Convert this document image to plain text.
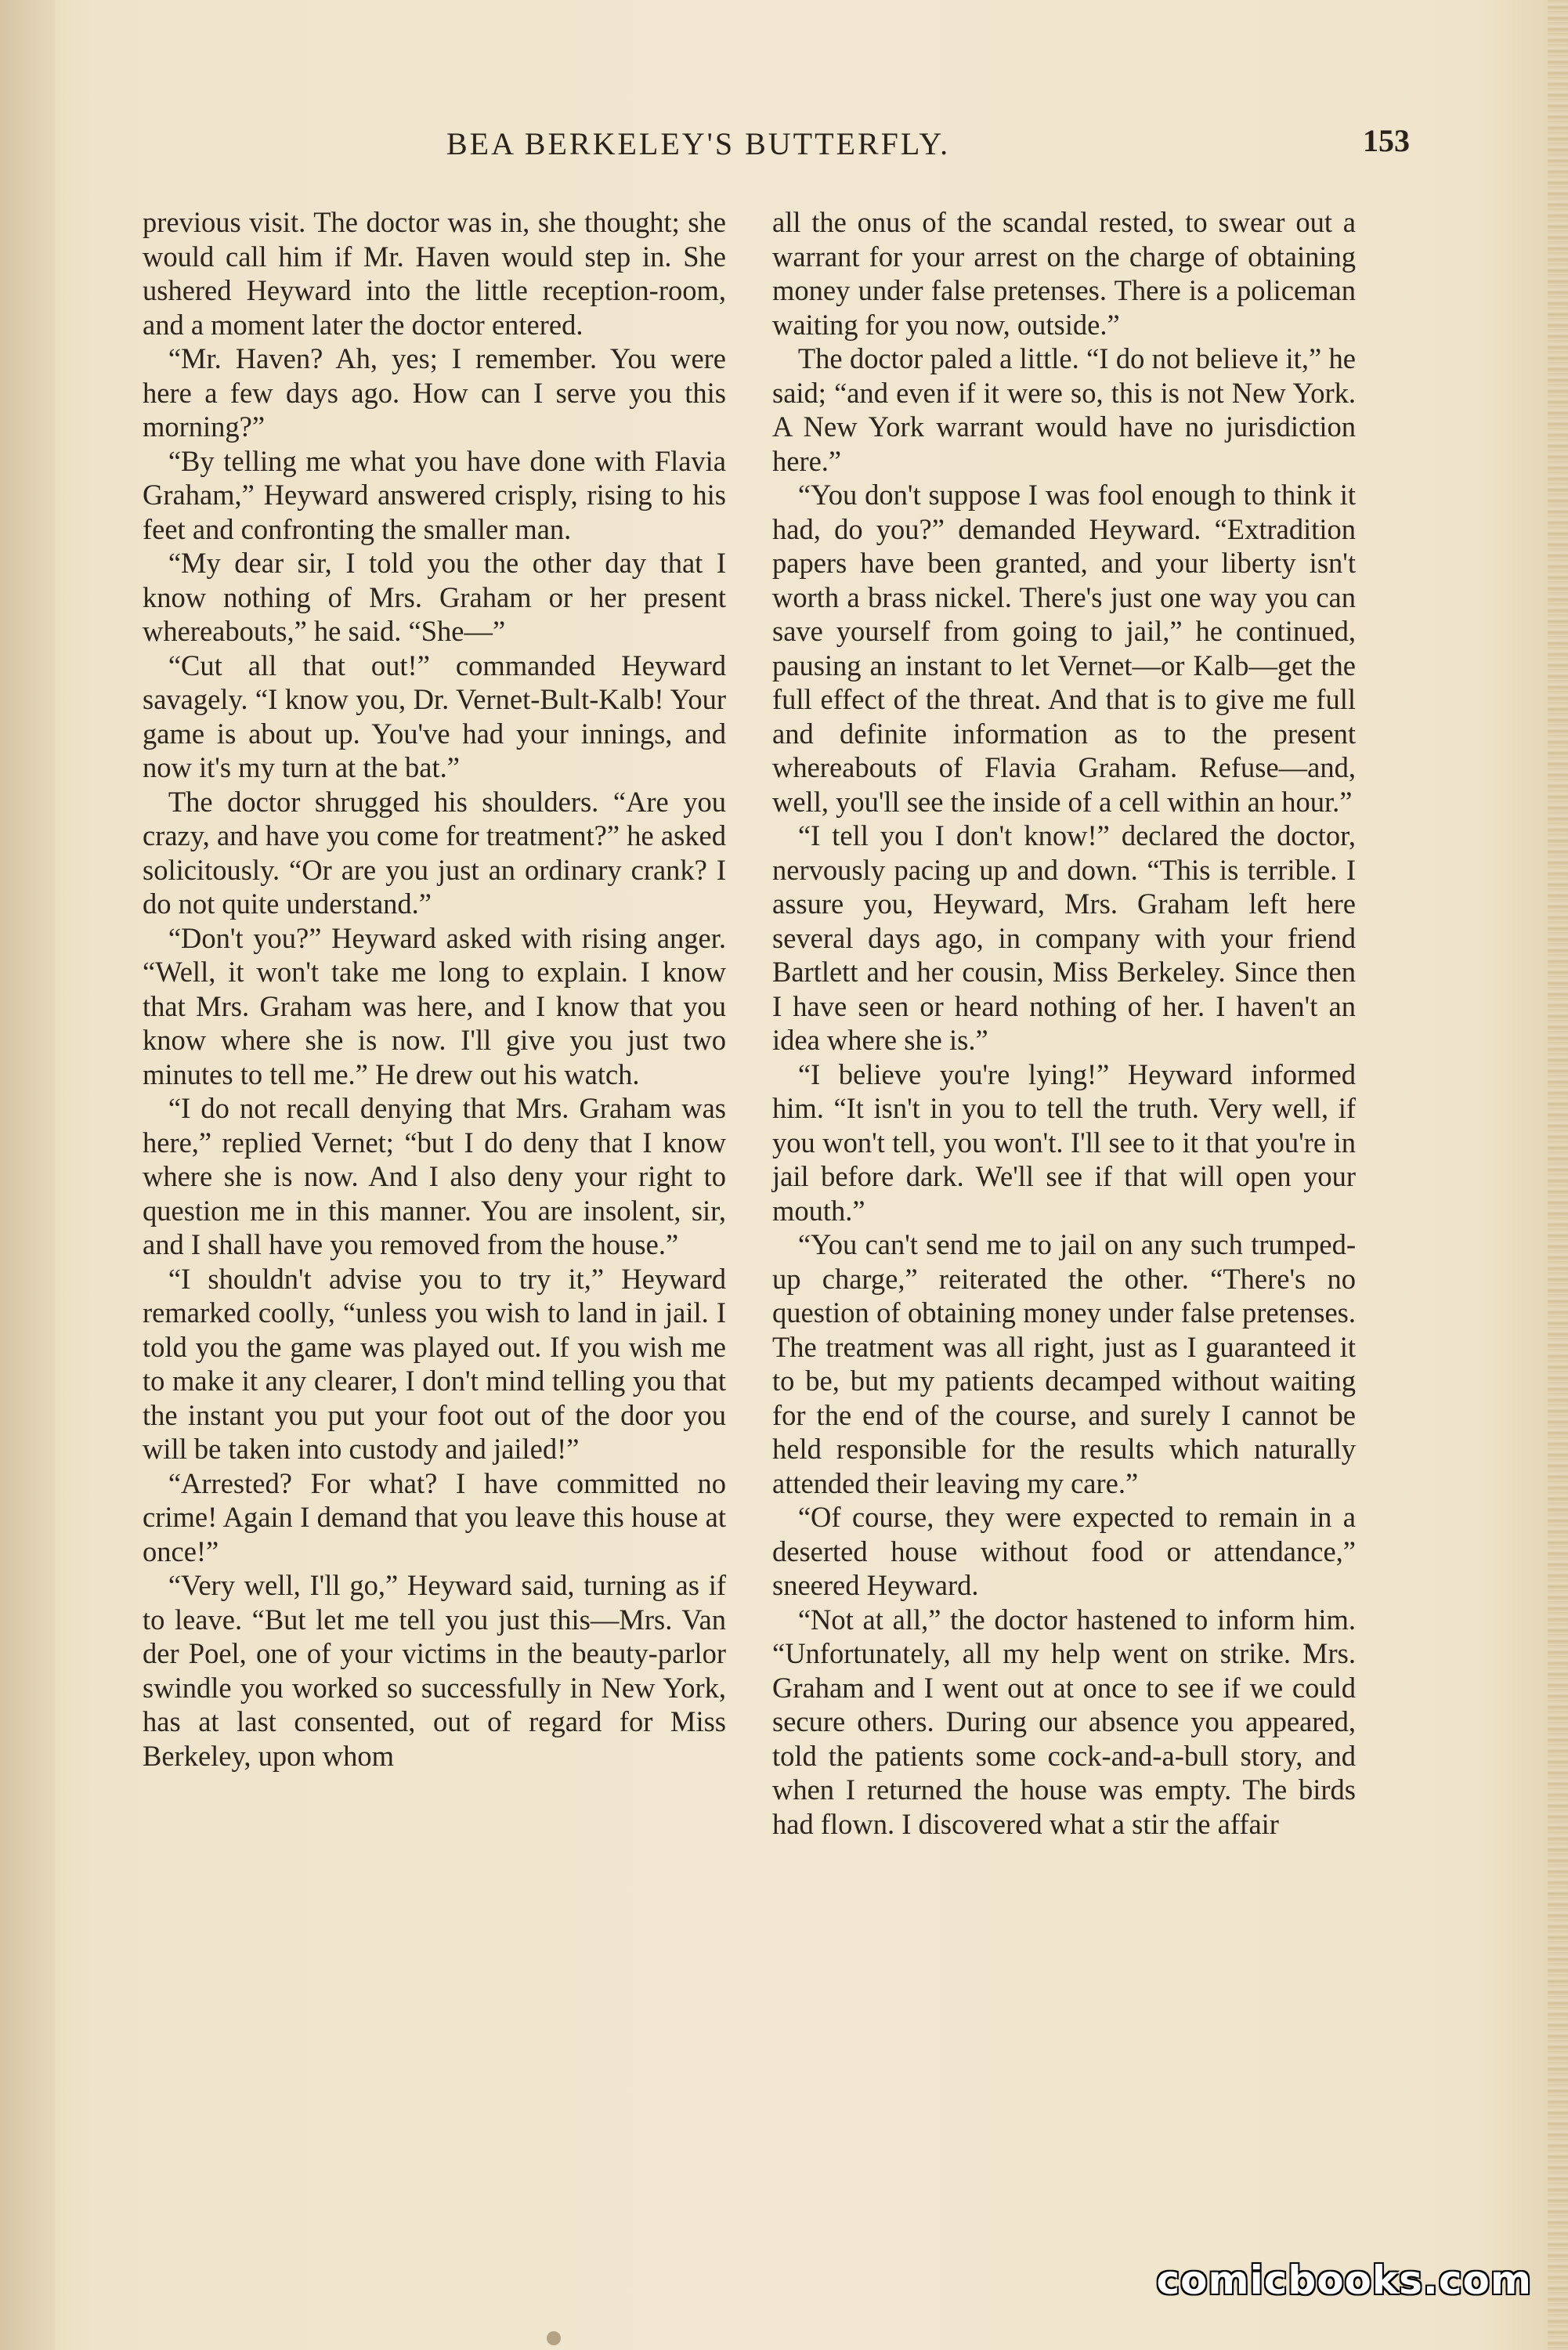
BEA BERKELEY'S BUTTERFLY.	153

previous visit. The doctor was in, she thought; she would call him if Mr. Haven would step in. She ushered Heyward into the little reception-room, and a moment later the doctor entered.

“Mr. Haven? Ah, yes; I remember. You were here a few days ago. How can I serve you this morning?”

“By telling me what you have done with Flavia Graham,” Heyward answered crisply, rising to his feet and confronting the smaller man.

“My dear sir, I told you the other day that I know nothing of Mrs. Graham or her present whereabouts,” he said. “She—”

“Cut all that out!” commanded Heyward savagely. “I know you, Dr. Vernet-Bult-Kalb! Your game is about up. You've had your innings, and now it's my turn at the bat.”

The doctor shrugged his shoulders. “Are you crazy, and have you come for treatment?” he asked solicitously. “Or are you just an ordinary crank? I do not quite understand.”

“Don't you?” Heyward asked with rising anger. “Well, it won't take me long to explain. I know that Mrs. Graham was here, and I know that you know where she is now. I'll give you just two minutes to tell me.” He drew out his watch.

“I do not recall denying that Mrs. Graham was here,” replied Vernet; “but I do deny that I know where she is now. And I also deny your right to question me in this manner. You are insolent, sir, and I shall have you removed from the house.”

“I shouldn't advise you to try it,” Heyward remarked coolly, “unless you wish to land in jail. I told you the game was played out. If you wish me to make it any clearer, I don't mind telling you that the instant you put your foot out of the door you will be taken into custody and jailed!”

“Arrested? For what? I have committed no crime! Again I demand that you leave this house at once!”

“Very well, I'll go,” Heyward said, turning as if to leave. “But let me tell you just this—Mrs. Van der Poel, one of your victims in the beauty-parlor swindle you worked so successfully in New York, has at last consented, out of regard for Miss Berkeley, upon whom

all the onus of the scandal rested, to swear out a warrant for your arrest on the charge of obtaining money under false pretenses. There is a policeman waiting for you now, outside.”

The doctor paled a little. “I do not believe it,” he said; “and even if it were so, this is not New York. A New York warrant would have no jurisdiction here.”

“You don't suppose I was fool enough to think it had, do you?” demanded Heyward. “Extradition papers have been granted, and your liberty isn't worth a brass nickel. There's just one way you can save yourself from going to jail,” he continued, pausing an instant to let Vernet—or Kalb—get the full effect of the threat. And that is to give me full and definite information as to the present whereabouts of Flavia Graham. Refuse—and, well, you'll see the inside of a cell within an hour.”

“I tell you I don't know!” declared the doctor, nervously pacing up and down. “This is terrible. I assure you, Heyward, Mrs. Graham left here several days ago, in company with your friend Bartlett and her cousin, Miss Berkeley. Since then I have seen or heard nothing of her. I haven't an idea where she is.”

“I believe you're lying!” Heyward informed him. “It isn't in you to tell the truth. Very well, if you won't tell, you won't. I'll see to it that you're in jail before dark. We'll see if that will open your mouth.”

“You can't send me to jail on any such trumped-up charge,” reiterated the other. “There's no question of obtaining money under false pretenses. The treatment was all right, just as I guaranteed it to be, but my patients decamped without waiting for the end of the course, and surely I cannot be held responsible for the results which naturally attended their leaving my care.”

“Of course, they were expected to remain in a deserted house without food or attendance,” sneered Heyward.

“Not at all,” the doctor hastened to inform him. “Unfortunately, all my help went on strike. Mrs. Graham and I went out at once to see if we could secure others. During our absence you appeared, told the patients some cock-and-a-bull story, and when I returned the house was empty. The birds had flown. I discovered what a stir the affair

comicbooks.com
